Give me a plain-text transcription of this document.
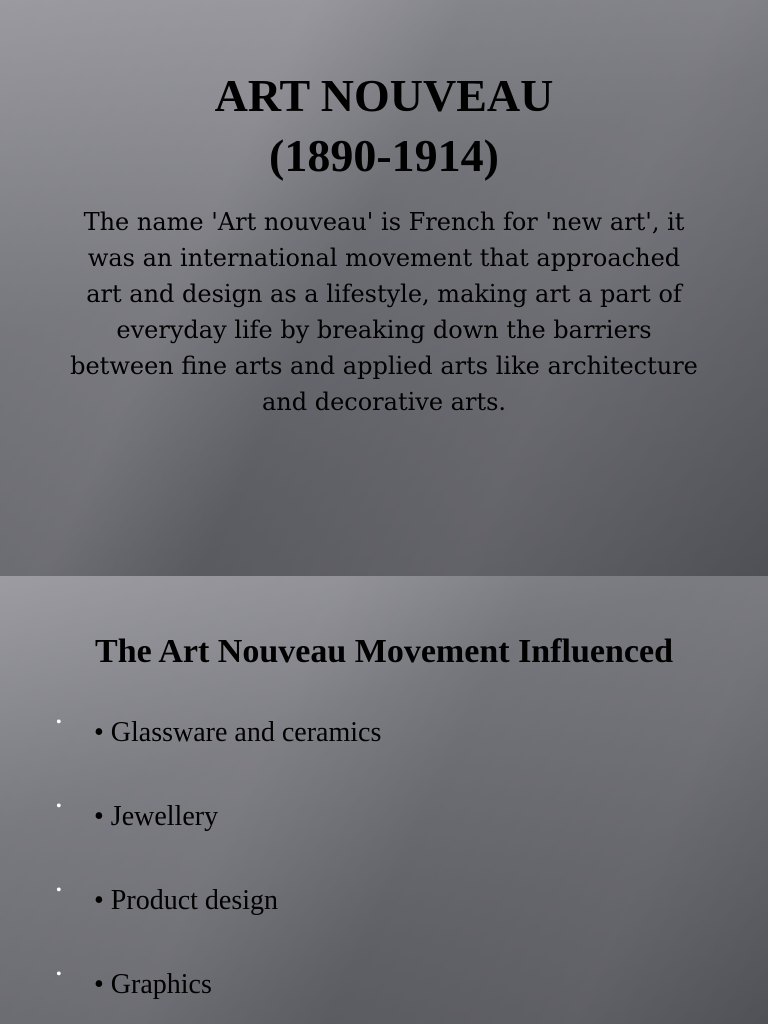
ART NOUVEAU
(1890-1914)

The name 'Art nouveau' is French for 'new art', it was an international movement that approached art and design as a lifestyle, making art a part of everyday life by breaking down the barriers between fine arts and applied arts like architecture and decorative arts.

The Art Nouveau Movement Influenced
• • Glassware and ceramics
• • Jewellery
• • Product design
• • Graphics
